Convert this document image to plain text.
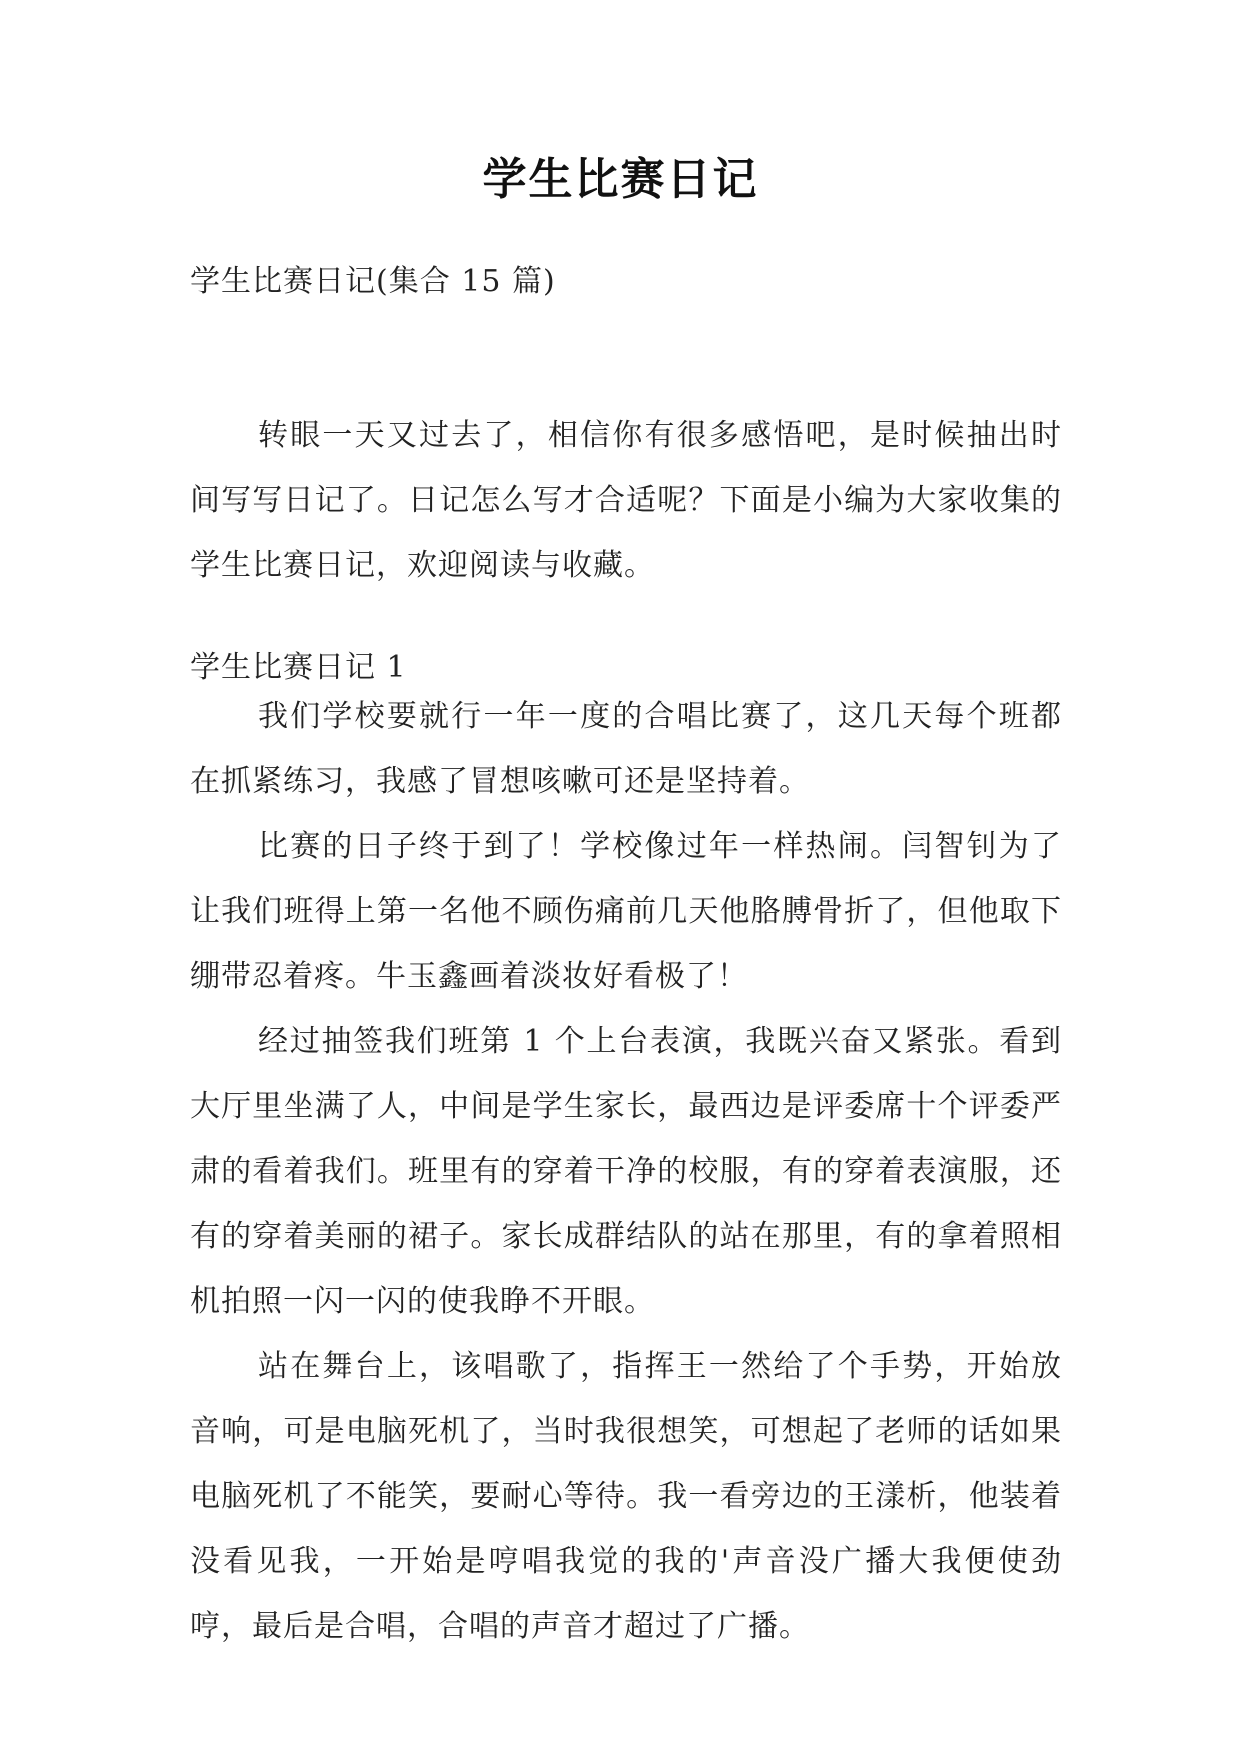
学生比赛日记
学生比赛日记(集合 15 篇)

转眼一天又过去了，相信你有很多感悟吧，是时候抽出时间写写日记了。日记怎么写才合适呢？下面是小编为大家收集的学生比赛日记，欢迎阅读与收藏。

学生比赛日记 1

我们学校要就行一年一度的合唱比赛了，这几天每个班都在抓紧练习，我感了冒想咳嗽可还是坚持着。

比赛的日子终于到了！学校像过年一样热闹。闫智钊为了让我们班得上第一名他不顾伤痛前几天他胳膊骨折了，但他取下绷带忍着疼。牛玉鑫画着淡妆好看极了！

经过抽签我们班第 1 个上台表演，我既兴奋又紧张。看到大厅里坐满了人，中间是学生家长，最西边是评委席十个评委严肃的看着我们。班里有的穿着干净的校服，有的穿着表演服，还有的穿着美丽的裙子。家长成群结队的站在那里，有的拿着照相机拍照一闪一闪的使我睁不开眼。

站在舞台上，该唱歌了，指挥王一然给了个手势，开始放音响，可是电脑死机了，当时我很想笑，可想起了老师的话如果电脑死机了不能笑，要耐心等待。我一看旁边的王漾析，他装着没看见我，一开始是哼唱我觉的我的'声音没广播大我便使劲哼，最后是合唱，合唱的声音才超过了广播。
